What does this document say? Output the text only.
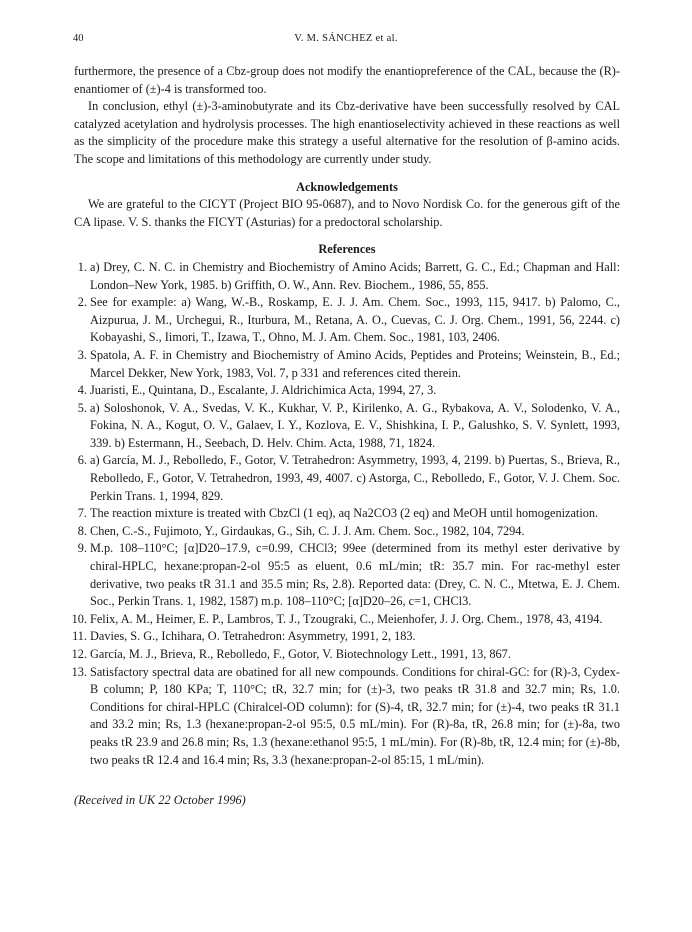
40	V. M. SÁNCHEZ et al.

furthermore, the presence of a Cbz-group does not modify the enantiopreference of the CAL, because the (R)-enantiomer of (±)-4 is transformed too.

In conclusion, ethyl (±)-3-aminobutyrate and its Cbz-derivative have been successfully resolved by CAL catalyzed acetylation and hydrolysis processes. The high enantioselectivity achieved in these reactions as well as the simplicity of the procedure make this strategy a useful alternative for the resolution of β-amino acids. The scope and limitations of this methodology are currently under study.

Acknowledgements

We are grateful to the CICYT (Project BIO 95-0687), and to Novo Nordisk Co. for the generous gift of the CA lipase. V. S. thanks the FICYT (Asturias) for a predoctoral scholarship.

References

1. a) Drey, C. N. C. in Chemistry and Biochemistry of Amino Acids; Barrett, G. C., Ed.; Chapman and Hall: London–New York, 1985. b) Griffith, O. W., Ann. Rev. Biochem., 1986, 55, 855.
2. See for example: a) Wang, W.-B., Roskamp, E. J. J. Am. Chem. Soc., 1993, 115, 9417. b) Palomo, C., Aizpurua, J. M., Urchegui, R., Iturbura, M., Retana, A. O., Cuevas, C. J. Org. Chem., 1991, 56, 2244. c) Kobayashi, S., Iimori, T., Izawa, T., Ohno, M. J. Am. Chem. Soc., 1981, 103, 2406.
3. Spatola, A. F. in Chemistry and Biochemistry of Amino Acids, Peptides and Proteins; Weinstein, B., Ed.; Marcel Dekker, New York, 1983, Vol. 7, p 331 and references cited therein.
4. Juaristi, E., Quintana, D., Escalante, J. Aldrichimica Acta, 1994, 27, 3.
5. a) Soloshonok, V. A., Svedas, V. K., Kukhar, V. P., Kirilenko, A. G., Rybakova, A. V., Solodenko, V. A., Fokina, N. A., Kogut, O. V., Galaev, I. Y., Kozlova, E. V., Shishkina, I. P., Galushko, S. V. Synlett, 1993, 339. b) Estermann, H., Seebach, D. Helv. Chim. Acta, 1988, 71, 1824.
6. a) García, M. J., Rebolledo, F., Gotor, V. Tetrahedron: Asymmetry, 1993, 4, 2199. b) Puertas, S., Brieva, R., Rebolledo, F., Gotor, V. Tetrahedron, 1993, 49, 4007. c) Astorga, C., Rebolledo, F., Gotor, V. J. Chem. Soc. Perkin Trans. 1, 1994, 829.
7. The reaction mixture is treated with CbzCl (1 eq), aq Na2CO3 (2 eq) and MeOH until homogenization.
8. Chen, C.-S., Fujimoto, Y., Girdaukas, G., Sih, C. J. J. Am. Chem. Soc., 1982, 104, 7294.
9. M.p. 108–110°C; [α]D20–17.9, c=0.99, CHCl3; 99ee (determined from its methyl ester derivative by chiral-HPLC, hexane:propan-2-ol 95:5 as eluent, 0.6 mL/min; tR: 35.7 min. For rac-methyl ester derivative, two peaks tR 31.1 and 35.5 min; Rs, 2.8). Reported data: (Drey, C. N. C., Mtetwa, E. J. Chem. Soc., Perkin Trans. 1, 1982, 1587) m.p. 108–110°C; [α]D20–26, c=1, CHCl3.
10. Felix, A. M., Heimer, E. P., Lambros, T. J., Tzougraki, C., Meienhofer, J. J. Org. Chem., 1978, 43, 4194.
11. Davies, S. G., Ichihara, O. Tetrahedron: Asymmetry, 1991, 2, 183.
12. García, M. J., Brieva, R., Rebolledo, F., Gotor, V. Biotechnology Lett., 1991, 13, 867.
13. Satisfactory spectral data are obatined for all new compounds. Conditions for chiral-GC: for (R)-3, Cydex-B column; P, 180 KPa; T, 110°C; tR, 32.7 min; for (±)-3, two peaks tR 31.8 and 32.7 min; Rs, 1.0. Conditions for chiral-HPLC (Chiralcel-OD column): for (S)-4, tR, 32.7 min; for (±)-4, two peaks tR 31.1 and 33.2 min; Rs, 1.3 (hexane:propan-2-ol 95:5, 0.5 mL/min). For (R)-8a, tR, 26.8 min; for (±)-8a, two peaks tR 23.9 and 26.8 min; Rs, 1.3 (hexane:ethanol 95:5, 1 mL/min). For (R)-8b, tR, 12.4 min; for (±)-8b, two peaks tR 12.4 and 16.4 min; Rs, 3.3 (hexane:propan-2-ol 85:15, 1 mL/min).

(Received in UK 22 October 1996)
